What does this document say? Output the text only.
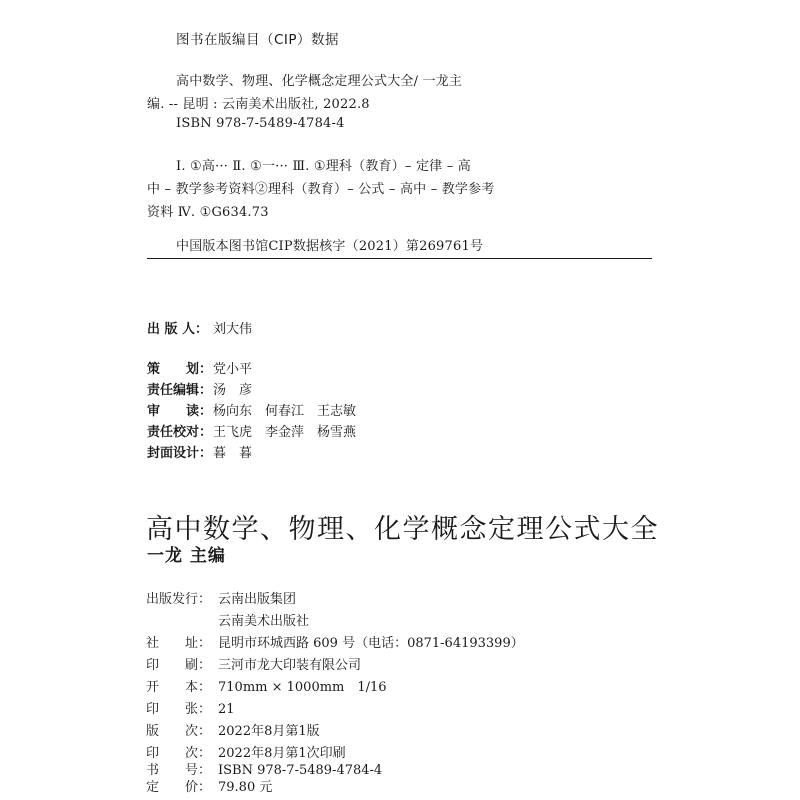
图书在版编目（CIP）数据
高中数学、物理、化学概念定理公式大全/ 一龙主
编. -- 昆明 : 云南美术出版社, 2022.8
ISBN 978-7-5489-4784-4
Ⅰ. ①高··· Ⅱ. ①一··· Ⅲ. ①理科（教育）– 定律 – 高
中 – 教学参考资料②理科（教育）– 公式 – 高中 – 教学参考
资料 Ⅳ. ①G634.73
中国版本图书馆CIP数据核字（2021）第269761号
出 版 人： 刘大伟
策　　划： 党小平
责任编辑： 汤　彦
审　　读： 杨向东　何春江　王志敏
责任校对： 王飞虎　李金萍　杨雪燕
封面设计： 暮　暮
高中数学、物理、化学概念定理公式大全
一龙 主编
出版发行： 云南出版集团
云南美术出版社
社　　址： 昆明市环城西路 609 号（电话：0871-64193399）
印　　刷： 三河市龙大印装有限公司
开　　本： 710mm × 1000mm　1/16
印　　张： 21
版　　次： 2022年8月第1版
印　　次： 2022年8月第1次印刷
书　　号： ISBN 978-7-5489-4784-4
定　　价： 79.80 元
